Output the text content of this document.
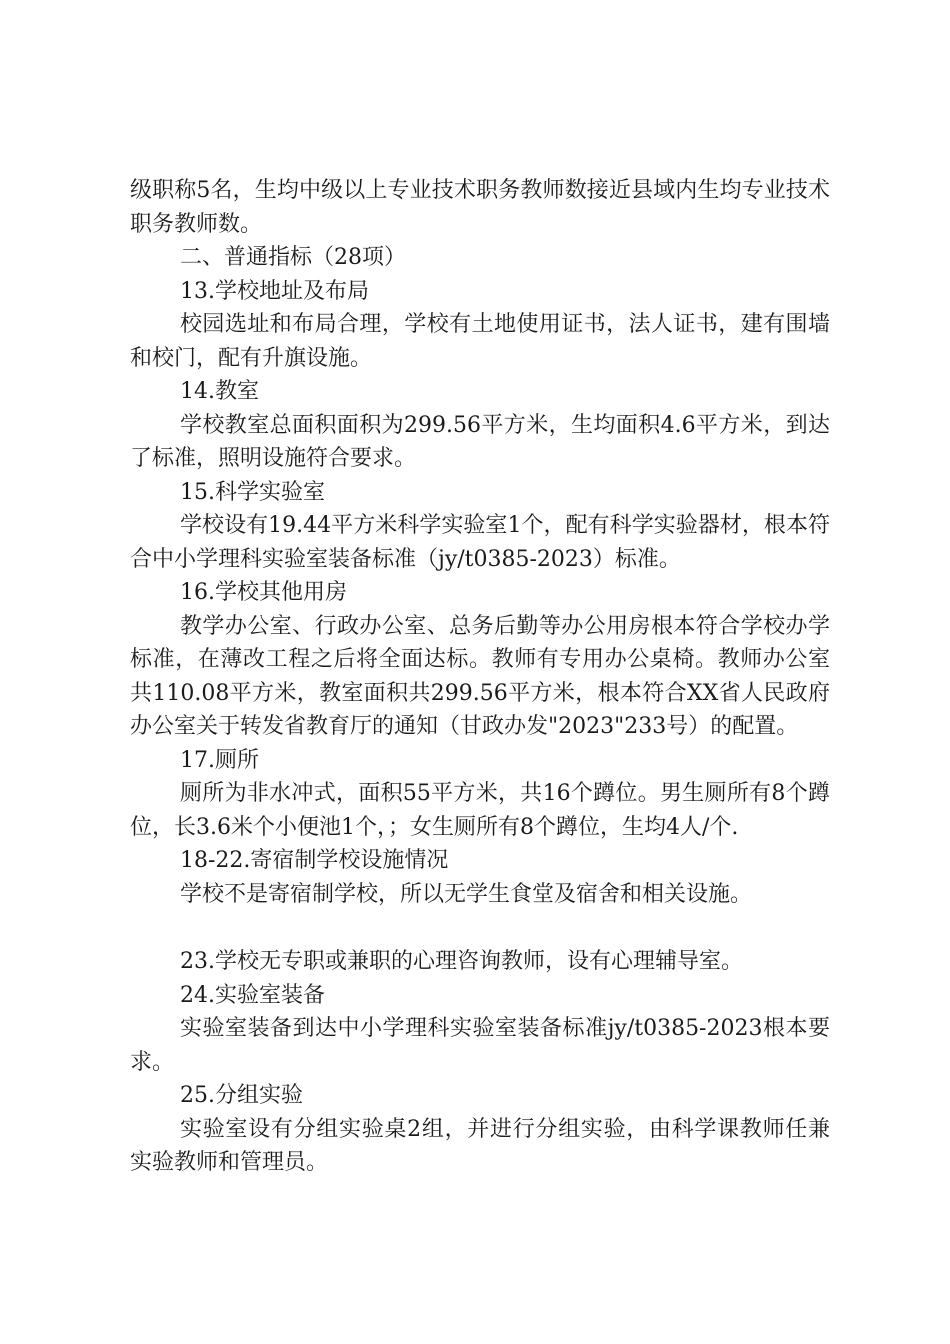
级职称5名，生均中级以上专业技术职务教师数接近县域内生均专业技术职务教师数。

二、普通指标（28项）

13.学校地址及布局

校园选址和布局合理，学校有土地使用证书，法人证书，建有围墙和校门，配有升旗设施。

14.教室

学校教室总面积面积为299.56平方米，生均面积4.6平方米，到达了标准，照明设施符合要求。

15.科学实验室

学校设有19.44平方米科学实验室1个，配有科学实验器材，根本符合中小学理科实验室装备标准（jy/t0385-2023）标准。

16.学校其他用房

教学办公室、行政办公室、总务后勤等办公用房根本符合学校办学标准，在薄改工程之后将全面达标。教师有专用办公桌椅。教师办公室共110.08平方米，教室面积共299.56平方米，根本符合XX省人民政府办公室关于转发省教育厅的通知（甘政办发"2023"233号）的配置。

17.厕所

厕所为非水冲式，面积55平方米，共16个蹲位。男生厕所有8个蹲位，长3.6米个小便池1个，；女生厕所有8个蹲位，生均4人/个.

18-22.寄宿制学校设施情况

学校不是寄宿制学校，所以无学生食堂及宿舍和相关设施。

23.学校无专职或兼职的心理咨询教师，设有心理辅导室。

24.实验室装备

实验室装备到达中小学理科实验室装备标准jy/t0385-2023根本要求。

25.分组实验

实验室设有分组实验桌2组，并进行分组实验，由科学课教师任兼实验教师和管理员。
